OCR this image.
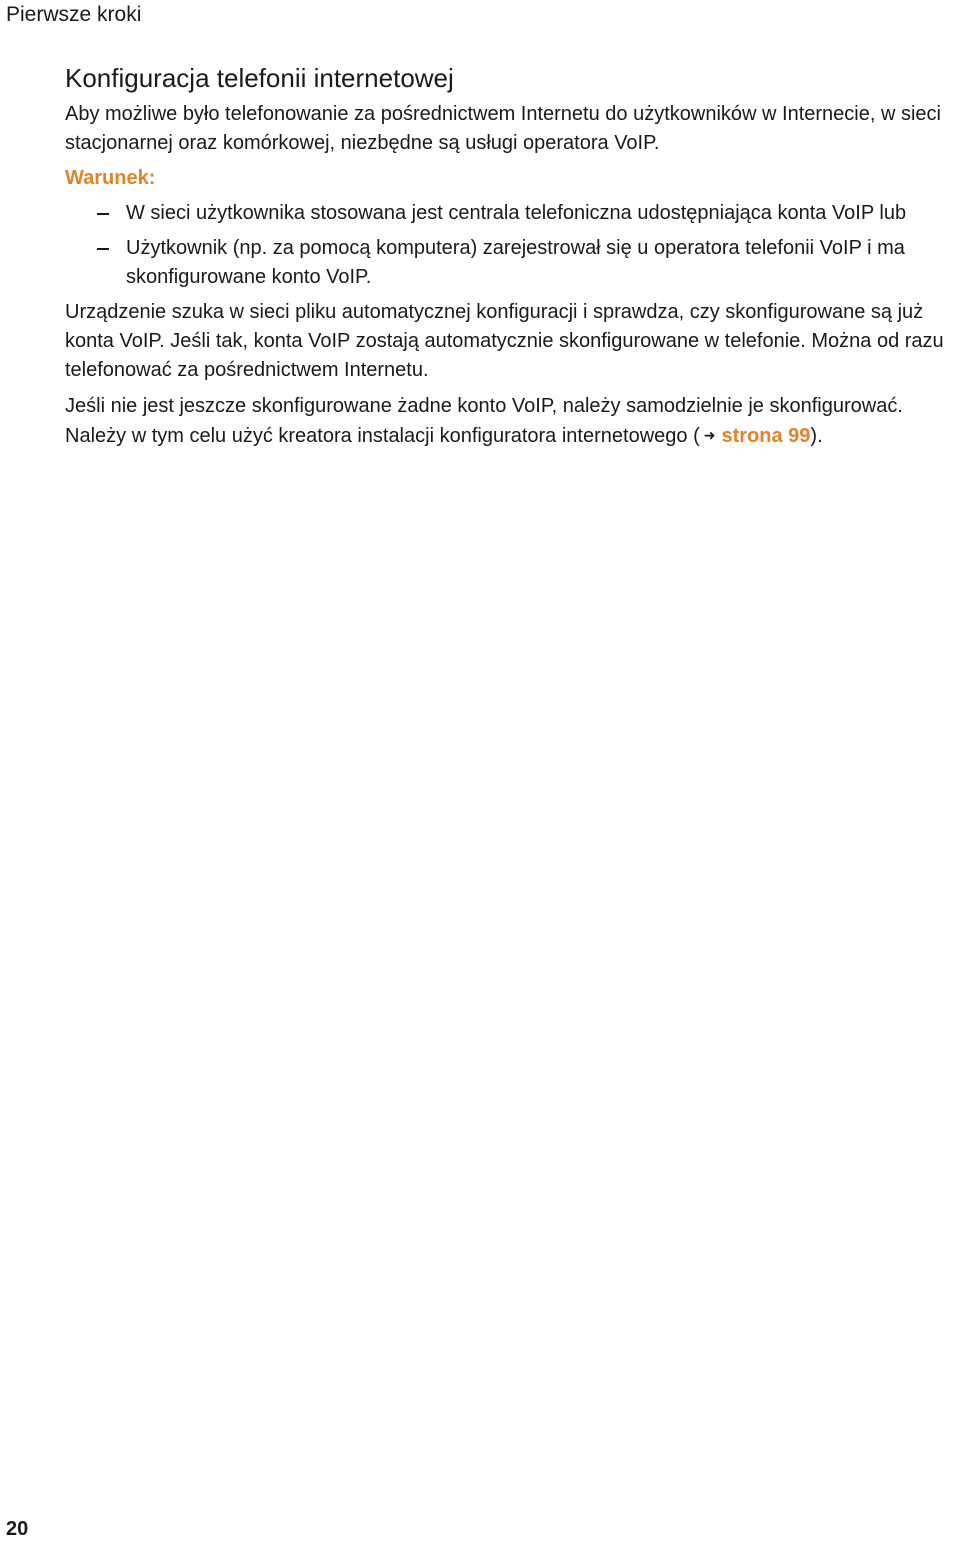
Pierwsze kroki
Konfiguracja telefonii internetowej

Aby możliwe było telefonowanie za pośrednictwem Internetu do użytkowników w Internecie, w sieci stacjonarnej oraz komórkowej, niezbędne są usługi operatora VoIP.

Warunek:
W sieci użytkownika stosowana jest centrala telefoniczna udostępniająca konta VoIP lub
Użytkownik (np. za pomocą komputera) zarejestrował się u operatora telefonii VoIP i ma skonfigurowane konto VoIP.

Urządzenie szuka w sieci pliku automatycznej konfiguracji i sprawdza, czy skonfigurowane są już konta VoIP. Jeśli tak, konta VoIP zostają automatycznie skonfigurowane w telefonie. Można od razu telefonować za pośrednictwem Internetu.

Jeśli nie jest jeszcze skonfigurowane żadne konto VoIP, należy samodzielnie je skonfigurować. Należy w tym celu użyć kreatora instalacji konfiguratora internetowego ( ➜ strona 99).

20
